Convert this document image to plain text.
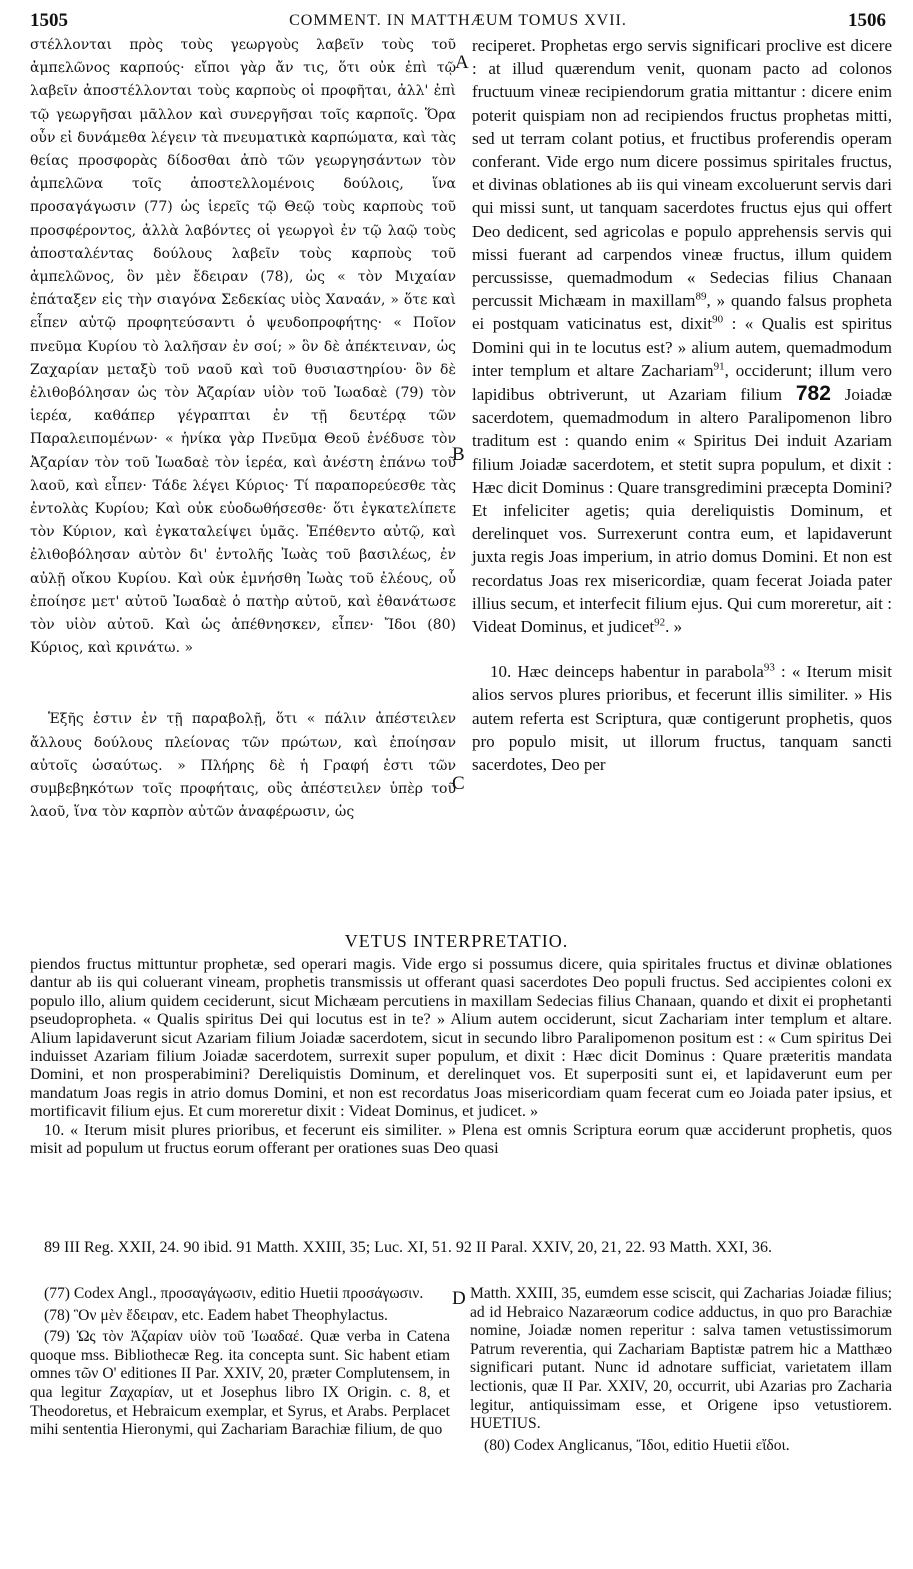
1505	COMMENT. IN MATTHÆUM TOMUS XVII.	1506

στέλλονται πρὸς τοὺς γεωργοὺς λαβεῖν τοὺς τοῦ ἀμπελῶνος καρπούς· εἴποι γὰρ ἄν τις, ὅτι οὐκ ἐπὶ τῷ λαβεῖν ἀποστέλλονται τοὺς καρποὺς οἱ προφῆται, ἀλλ' ἐπὶ τῷ γεωργῆσαι μᾶλλον καὶ συνεργῆσαι τοῖς καρποῖς. Ὅρα οὖν εἰ δυνάμεθα λέγειν τὰ πνευματικὰ καρπώματα, καὶ τὰς θείας προσφορὰς δίδοσθαι ἀπὸ τῶν γεωργησάντων τὸν ἀμπελῶνα τοῖς ἀποστελλομένοις δούλοις, ἵνα προσαγάγωσιν (77) ὡς ἱερεῖς τῷ Θεῷ τοὺς καρποὺς τοῦ προσφέροντος, ἀλλὰ λαβόντες οἱ γεωργοὶ ἐν τῷ λαῷ τοὺς ἀποσταλέντας δούλους λαβεῖν τοὺς καρποὺς τοῦ ἀμπελῶνος, ὃν μὲν ἔδειραν (78), ὡς « τὸν Μιχαίαν ἐπάταξεν εἰς τὴν σιαγόνα Σεδεκίας υἱὸς Χαναάν, » ὅτε καὶ εἶπεν αὐτῷ προφητεύσαντι ὁ ψευδοπροφήτης· « Ποῖον πνεῦμα Κυρίου τὸ λαλῆσαν ἐν σοί; » ὃν δὲ ἀπέκτειναν, ὡς Ζαχαρίαν μεταξὺ τοῦ ναοῦ καὶ τοῦ θυσιαστηρίου· ὃν δὲ ἐλιθοβόλησαν ὡς τὸν Ἀζαρίαν υἱὸν τοῦ Ἰωαδαὲ (79) τὸν ἱερέα, καθάπερ γέγραπται ἐν τῇ δευτέρᾳ τῶν Παραλειπομένων· « ἡνίκα γὰρ Πνεῦμα Θεοῦ ἐνέδυσε τὸν Ἀζαρίαν τὸν τοῦ Ἰωαδαὲ τὸν ἱερέα, καὶ ἀνέστη ἐπάνω τοῦ λαοῦ, καὶ εἶπεν· Τάδε λέγει Κύριος· Τί παραπορεύεσθε τὰς ἐντολὰς Κυρίου; Καὶ οὐκ εὐοδωθήσεσθε· ὅτι ἐγκατελίπετε τὸν Κύριον, καὶ ἐγκαταλείψει ὑμᾶς. Ἐπέθεντο αὐτῷ, καὶ ἐλιθοβόλησαν αὐτὸν δι' ἐντολῆς Ἰωὰς τοῦ βασιλέως, ἐν αὐλῇ οἴκου Κυρίου. Καὶ οὐκ ἐμνήσθη Ἰωὰς τοῦ ἐλέους, οὗ ἐποίησε μετ' αὐτοῦ Ἰωαδαὲ ὁ πατὴρ αὐτοῦ, καὶ ἐθανάτωσε τὸν υἱὸν αὐτοῦ. Καὶ ὡς ἀπέθνησκεν, εἶπεν· Ἴδοι (80) Κύριος, καὶ κρινάτω. »

Ἑξῆς ἐστιν ἐν τῇ παραβολῇ, ὅτι « πάλιν ἀπέστειλεν ἄλλους δούλους πλείονας τῶν πρώτων, καὶ ἐποίησαν αὐτοῖς ὡσαύτως. » Πλήρης δὲ ἡ Γραφή ἐστι τῶν συμβεβηκότων τοῖς προφήταις, οὓς ἀπέστειλεν ὑπὲρ τοῦ λαοῦ, ἵνα τὸν καρπὸν αὐτῶν ἀναφέρωσιν, ὡς

A
B
C
D

reciperet. Prophetas ergo servis significari proclive est dicere : at illud quærendum venit, quonam pacto ad colonos fructuum vineæ recipiendorum gratia mittantur : dicere enim poterit quispiam non ad recipiendos fructus prophetas mitti, sed ut terram colant potius, et fructibus proferendis operam conferant. Vide ergo num dicere possimus spiritales fructus, et divinas oblationes ab iis qui vineam excoluerunt servis dari qui missi sunt, ut tanquam sacerdotes fructus ejus qui offert Deo dedicent, sed agricolas e populo apprehensis servis qui missi fuerant ad carpendos vineæ fructus, illum quidem percussisse, quemadmodum « Sedecias filius Chanaan percussit Michæam in maxillam$^{89}$, » quando falsus propheta ei postquam vaticinatus est, dixit$^{90}$ : « Qualis est spiritus Domini qui in te locutus est? » alium autem, quemadmodum inter templum et altare Zachariam$^{91}$, occiderunt; illum vero lapidibus obtriverunt, ut Azariam filium 782 Joiadæ sacerdotem, quemadmodum in altero Paralipomenon libro traditum est : quando enim « Spiritus Dei induit Azariam filium Joiadæ sacerdotem, et stetit supra populum, et dixit : Hæc dicit Dominus : Quare transgredimini præcepta Domini? Et infeliciter agetis; quia dereliquistis Dominum, et derelinquet vos. Surrexerunt contra eum, et lapidaverunt juxta regis Joas imperium, in atrio domus Domini. Et non est recordatus Joas rex misericordiæ, quam fecerat Joiada pater illius secum, et interfecit filium ejus. Qui cum moreretur, ait : Videat Dominus, et judicet$^{92}$. »

10. Hæc deinceps habentur in parabola$^{93}$ : « Iterum misit alios servos plures prioribus, et fecerunt illis similiter. » His autem referta est Scriptura, quæ contigerunt prophetis, quos pro populo misit, ut illorum fructus, tanquam sancti sacerdotes, Deo per

VETUS INTERPRETATIO.

piendos fructus mittuntur prophetæ, sed operari magis. Vide ergo si possumus dicere, quia spiritales fructus et divinæ oblationes dantur ab iis qui coluerant vineam, prophetis transmissis ut offerant quasi sacerdotes Deo populi fructus. Sed accipientes coloni ex populo illo, alium quidem ceciderunt, sicut Michæam percutiens in maxillam Sedecias filius Chanaan, quando et dixit ei prophetanti pseudopropheta. « Qualis spiritus Dei qui locutus est in te? » Alium autem occiderunt, sicut Zachariam inter templum et altare. Alium lapidaverunt sicut Azariam filium Joiadæ sacerdotem, sicut in secundo libro Paralipomenon positum est : « Cum spiritus Dei induisset Azariam filium Joiadæ sacerdotem, surrexit super populum, et dixit : Hæc dicit Dominus : Quare præteritis mandata Domini, et non prosperabimini? Dereliquistis Dominum, et derelinquet vos. Et superpositi sunt ei, et lapidaverunt eum per mandatum Joas regis in atrio domus Domini, et non est recordatus Joas misericordiam quam fecerat cum eo Joiada pater ipsius, et mortificavit filium ejus. Et cum moreretur dixit : Videat Dominus, et judicet. »

10. « Iterum misit plures prioribus, et fecerunt eis similiter. » Plena est omnis Scriptura eorum quæ acciderunt prophetis, quos misit ad populum ut fructus eorum offerant per orationes suas Deo quasi

89 III Reg. XXII, 24. 90 ibid. 91 Matth. XXIII, 35; Luc. XI, 51. 92 II Paral. XXIV, 20, 21, 22. 93 Matth. XXI, 36.

(77) Codex Angl., προσαγάγωσιν, editio Huetii προσάγωσιν.

(78) Ὃν μὲν ἔδειραν, etc. Eadem habet Theophylactus.

(79) Ὡς τὸν Ἀζαρίαν υἱὸν τοῦ Ἰωαδαέ. Quæ verba in Catena quoque mss. Bibliothecæ Reg. ita concepta sunt. Sic habent etiam omnes τῶν Ο' editiones II Par. XXIV, 20, præter Complutensem, in qua legitur Ζαχαρίαν, ut et Josephus libro IX Origin. c. 8, et Theodoretus, et Hebraicum exemplar, et Syrus, et Arabs. Perplacet mihi sententia Hieronymi, qui Zachariam Barachiæ filium, de quo

Matth. XXIII, 35, eumdem esse sciscit, qui Zacharias Joiadæ filius; ad id Hebraico Nazaræorum codice adductus, in quo pro Barachiæ nomine, Joiadæ nomen reperitur : salva tamen vetustissimorum Patrum reverentia, qui Zachariam Baptistæ patrem hic a Matthæo significari putant. Nunc id adnotare sufficiat, varietatem illam lectionis, quæ II Par. XXIV, 20, occurrit, ubi Azarias pro Zacharia legitur, antiquissimam esse, et Origene ipso vetustiorem. HUETIUS.

(80) Codex Anglicanus, Ἴδοι, editio Huetii εἴδοι.
